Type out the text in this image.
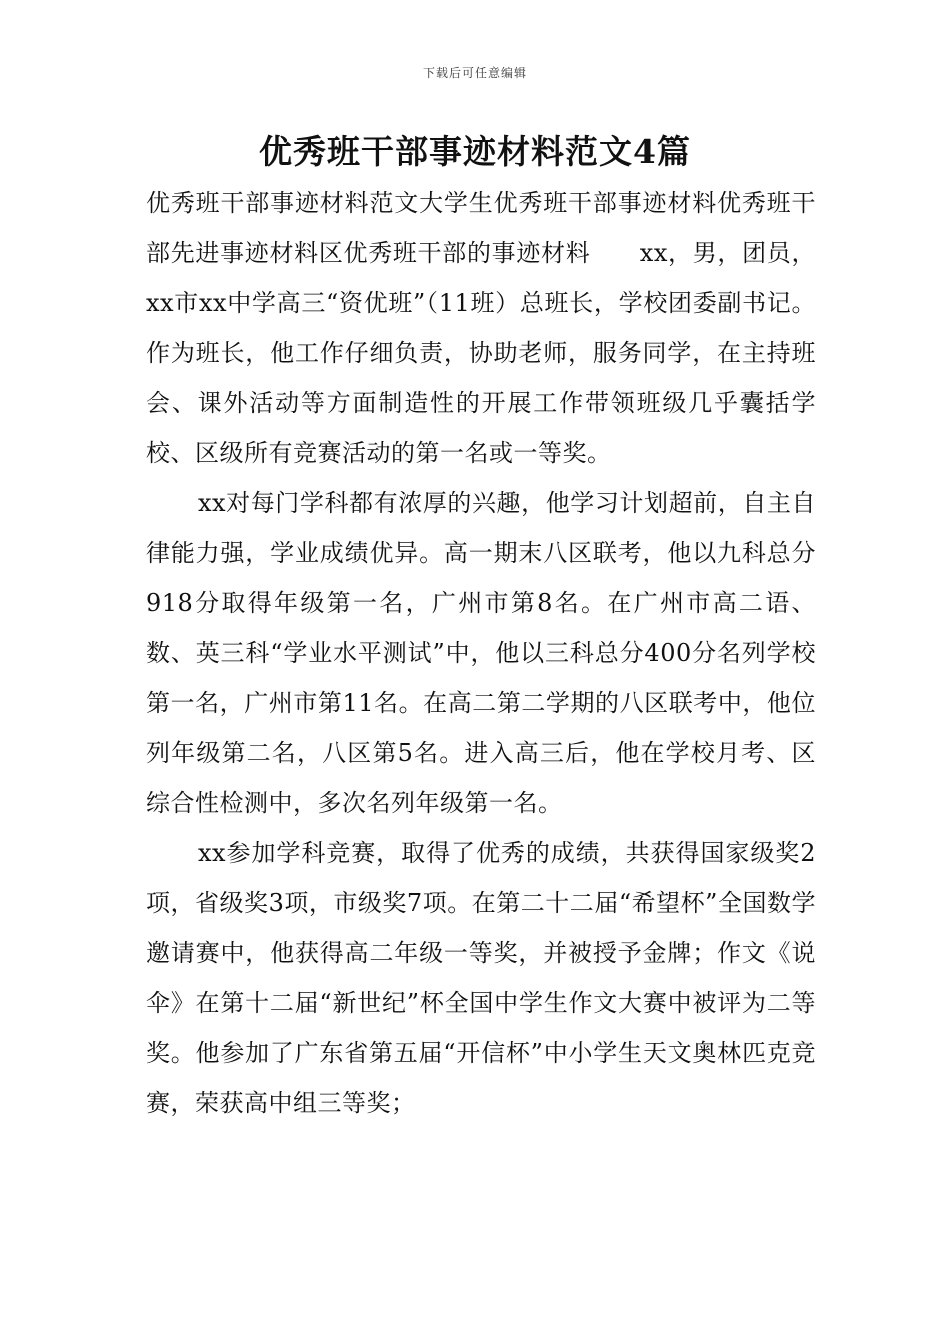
下载后可任意编辑
优秀班干部事迹材料范文4篇

优秀班干部事迹材料范文大学生优秀班干部事迹材料优秀班干部先进事迹材料区优秀班干部的事迹材料　　xx，男，团员，xx市xx中学高三“资优班”（11班）总班长，学校团委副书记。作为班长，他工作仔细负责，协助老师，服务同学，在主持班会、课外活动等方面制造性的开展工作带领班级几乎囊括学校、区级所有竞赛活动的第一名或一等奖。

xx对每门学科都有浓厚的兴趣，他学习计划超前，自主自律能力强，学业成绩优异。高一期末八区联考，他以九科总分918分取得年级第一名，广州市第8名。在广州市高二语、数、英三科“学业水平测试”中，他以三科总分400分名列学校第一名，广州市第11名。在高二第二学期的八区联考中，他位列年级第二名，八区第5名。进入高三后，他在学校月考、区综合性检测中，多次名列年级第一名。

xx参加学科竞赛，取得了优秀的成绩，共获得国家级奖2项，省级奖3项，市级奖7项。在第二十二届“希望杯”全国数学邀请赛中，他获得高二年级一等奖，并被授予金牌；作文《说伞》在第十二届“新世纪”杯全国中学生作文大赛中被评为二等奖。他参加了广东省第五届“开信杯”中小学生天文奥林匹克竞赛，荣获高中组三等奖；
